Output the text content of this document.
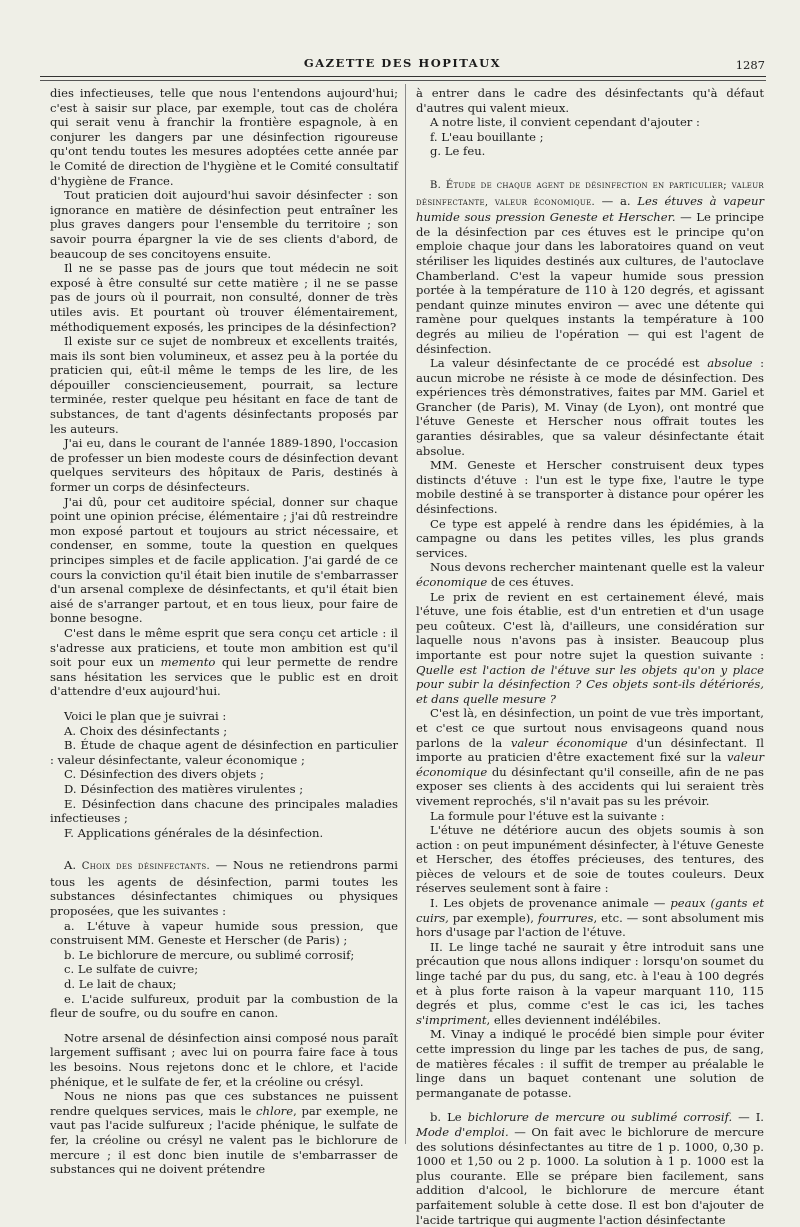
GAZETTE DES HOPITAUX	1287

dies infectieuses, telle que nous l'entendons aujourd'hui; c'est à saisir sur place, par exemple, tout cas de choléra qui serait venu à franchir la frontière espagnole, à en conjurer les dangers par une désinfection rigoureuse qu'ont tendu toutes les mesures adoptées cette année par le Comité de direction de l'hygiène et le Comité consultatif d'hygiène de France.

Tout praticien doit aujourd'hui savoir désinfecter : son ignorance en matière de désinfection peut entraîner les plus graves dangers pour l'ensemble du territoire ; son savoir pourra épargner la vie de ses clients d'abord, de beaucoup de ses concitoyens ensuite.

Il ne se passe pas de jours que tout médecin ne soit exposé à être consulté sur cette matière ; il ne se passe pas de jours où il pourrait, non consulté, donner de très utiles avis. Et pourtant où trouver élémentairement, méthodiquement exposés, les principes de la désinfection?

Il existe sur ce sujet de nombreux et excellents traités, mais ils sont bien volumineux, et assez peu à la portée du praticien qui, eût-il même le temps de les lire, de les dépouiller consciencieusement, pourrait, sa lecture terminée, rester quelque peu hésitant en face de tant de substances, de tant d'agents désinfectants proposés par les auteurs.

J'ai eu, dans le courant de l'année 1889-1890, l'occasion de professer un bien modeste cours de désinfection devant quelques serviteurs des hôpitaux de Paris, destinés à former un corps de désinfecteurs.

J'ai dû, pour cet auditoire spécial, donner sur chaque point une opinion précise, élémentaire ; j'ai dû restreindre mon exposé partout et toujours au strict nécessaire, et condenser, en somme, toute la question en quelques principes simples et de facile application. J'ai gardé de ce cours la conviction qu'il était bien inutile de s'embarrasser d'un arsenal complexe de désinfectants, et qu'il était bien aisé de s'arranger partout, et en tous lieux, pour faire de bonne besogne.

C'est dans le même esprit que sera conçu cet article : il s'adresse aux praticiens, et toute mon ambition est qu'il soit pour eux un memento qui leur permette de rendre sans hésitation les services que le public est en droit d'attendre d'eux aujourd'hui.

Voici le plan que je suivrai :

A. Choix des désinfectants ;

B. Étude de chaque agent de désinfection en particulier : valeur désinfectante, valeur économique ;

C. Désinfection des divers objets ;

D. Désinfection des matières virulentes ;

E. Désinfection dans chacune des principales maladies infectieuses ;

F. Applications générales de la désinfection.

A. Choix des désinfectants. — Nous ne retiendrons parmi tous les agents de désinfection, parmi toutes les substances désinfectantes chimiques ou physiques proposées, que les suivantes :

a. L'étuve à vapeur humide sous pression, que construisent MM. Geneste et Herscher (de Paris) ;

b. Le bichlorure de mercure, ou sublimé corrosif;

c. Le sulfate de cuivre;

d. Le lait de chaux;

e. L'acide sulfureux, produit par la combustion de la fleur de soufre, ou du soufre en canon.

Notre arsenal de désinfection ainsi composé nous paraît largement suffisant ; avec lui on pourra faire face à tous les besoins. Nous rejetons donc et le chlore, et l'acide phénique, et le sulfate de fer, et la créoline ou crésyl.

Nous ne nions pas que ces substances ne puissent rendre quelques services, mais le chlore, par exemple, ne vaut pas l'acide sulfureux ; l'acide phénique, le sulfate de fer, la créoline ou crésyl ne valent pas le bichlorure de mercure ; il est donc bien inutile de s'embarrasser de substances qui ne doivent prétendre

à entrer dans le cadre des désinfectants qu'à défaut d'autres qui valent mieux.

A notre liste, il convient cependant d'ajouter :

f. L'eau bouillante ;

g. Le feu.

B. Étude de chaque agent de désinfection en particulier; valeur désinfectante, valeur économique. — a. Les étuves à vapeur humide sous pression Geneste et Herscher. — Le principe de la désinfection par ces étuves est le principe qu'on emploie chaque jour dans les laboratoires quand on veut stériliser les liquides destinés aux cultures, de l'autoclave Chamberland. C'est la vapeur humide sous pression portée à la température de 110 à 120 degrés, et agissant pendant quinze minutes environ — avec une détente qui ramène pour quelques instants la température à 100 degrés au milieu de l'opération — qui est l'agent de désinfection.

La valeur désinfectante de ce procédé est absolue : aucun microbe ne résiste à ce mode de désinfection. Des expériences très démonstratives, faites par MM. Gariel et Grancher (de Paris), M. Vinay (de Lyon), ont montré que l'étuve Geneste et Herscher nous offrait toutes les garanties désirables, que sa valeur désinfectante était absolue.

MM. Geneste et Herscher construisent deux types distincts d'étuve : l'un est le type fixe, l'autre le type mobile destiné à se transporter à distance pour opérer les désinfections.

Ce type est appelé à rendre dans les épidémies, à la campagne ou dans les petites villes, les plus grands services.

Nous devons rechercher maintenant quelle est la valeur économique de ces étuves.

Le prix de revient en est certainement élevé, mais l'étuve, une fois établie, est d'un entretien et d'un usage peu coûteux. C'est là, d'ailleurs, une considération sur laquelle nous n'avons pas à insister. Beaucoup plus importante est pour notre sujet la question suivante : Quelle est l'action de l'étuve sur les objets qu'on y place pour subir la désinfection ? Ces objets sont-ils détériorés, et dans quelle mesure ?

C'est là, en désinfection, un point de vue très important, et c'est ce que surtout nous envisageons quand nous parlons de la valeur économique d'un désinfectant. Il importe au praticien d'être exactement fixé sur la valeur économique du désinfectant qu'il conseille, afin de ne pas exposer ses clients à des accidents qui lui seraient très vivement reprochés, s'il n'avait pas su les prévoir.

La formule pour l'étuve est la suivante :

L'étuve ne détériore aucun des objets soumis à son action : on peut impunément désinfecter, à l'étuve Geneste et Herscher, des étoffes précieuses, des tentures, des pièces de velours et de soie de toutes couleurs. Deux réserves seulement sont à faire :

I. Les objets de provenance animale — peaux (gants et cuirs, par exemple), fourrures, etc. — sont absolument mis hors d'usage par l'action de l'étuve.

II. Le linge taché ne saurait y être introduit sans une précaution que nous allons indiquer : lorsqu'on soumet du linge taché par du pus, du sang, etc. à l'eau à 100 degrés et à plus forte raison à la vapeur marquant 110, 115 degrés et plus, comme c'est le cas ici, les taches s'impriment, elles deviennent indélébiles.

M. Vinay a indiqué le procédé bien simple pour éviter cette impression du linge par les taches de pus, de sang, de matières fécales : il suffit de tremper au préalable le linge dans un baquet contenant une solution de permanganate de potasse.

b. Le bichlorure de mercure ou sublimé corrosif. — I. Mode d'emploi. — On fait avec le bichlorure de mercure des solutions désinfectantes au titre de 1 p. 1000, 0,30 p. 1000 et 1,50 ou 2 p. 1000. La solution à 1 p. 1000 est la plus courante. Elle se prépare bien facilement, sans addition d'alcool, le bichlorure de mercure étant parfaitement soluble à cette dose. Il est bon d'ajouter de l'acide tartrique qui augmente l'action désinfectante
